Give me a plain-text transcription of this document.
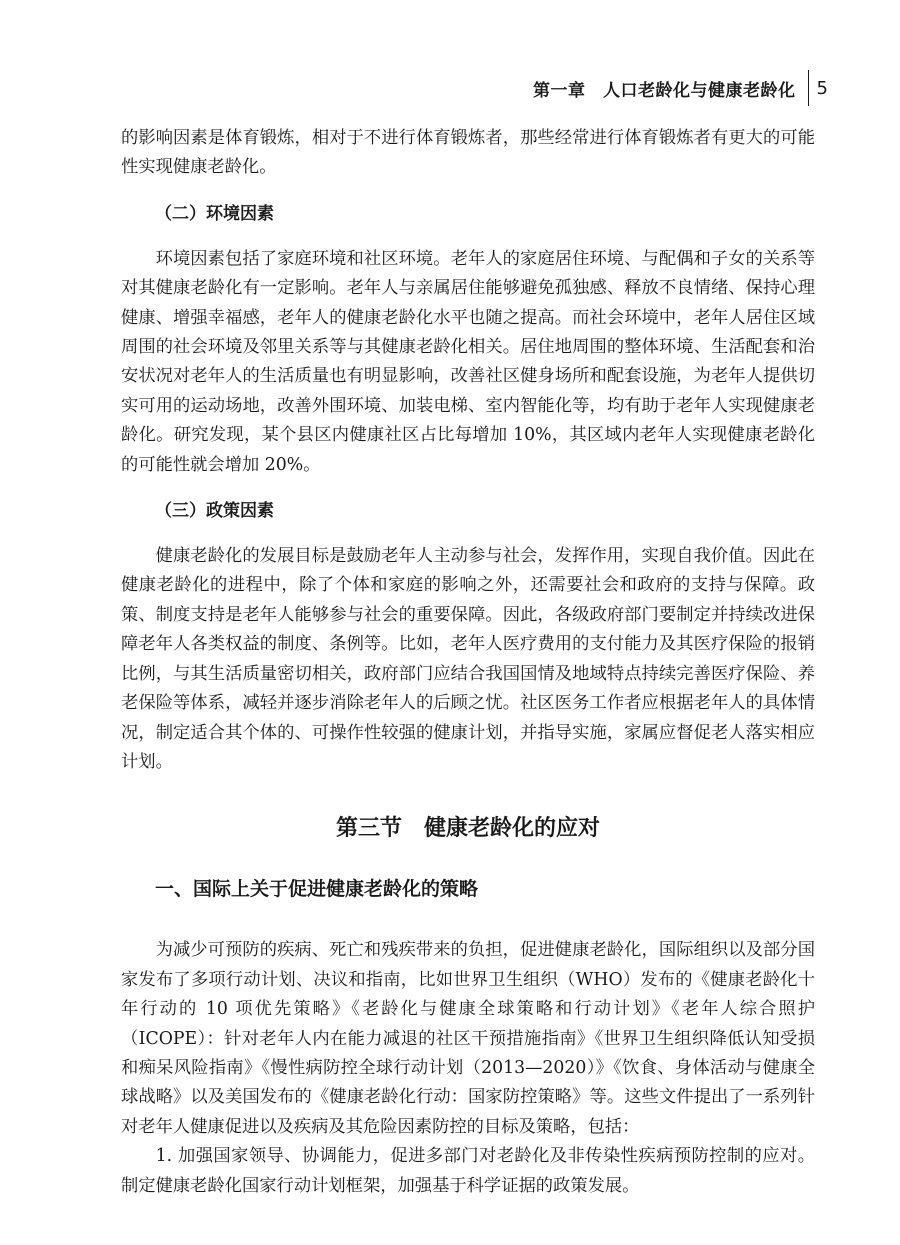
第一章　人口老龄化与健康老龄化 5

的影响因素是体育锻炼，相对于不进行体育锻炼者，那些经常进行体育锻炼者有更大的可能性实现健康老龄化。

（二）环境因素

环境因素包括了家庭环境和社区环境。老年人的家庭居住环境、与配偶和子女的关系等对其健康老龄化有一定影响。老年人与亲属居住能够避免孤独感、释放不良情绪、保持心理健康、增强幸福感，老年人的健康老龄化水平也随之提高。而社会环境中，老年人居住区域周围的社会环境及邻里关系等与其健康老龄化相关。居住地周围的整体环境、生活配套和治安状况对老年人的生活质量也有明显影响，改善社区健身场所和配套设施，为老年人提供切实可用的运动场地，改善外围环境、加装电梯、室内智能化等，均有助于老年人实现健康老龄化。研究发现，某个县区内健康社区占比每增加 10%，其区域内老年人实现健康老龄化的可能性就会增加 20%。

（三）政策因素

健康老龄化的发展目标是鼓励老年人主动参与社会，发挥作用，实现自我价值。因此在健康老龄化的进程中，除了个体和家庭的影响之外，还需要社会和政府的支持与保障。政策、制度支持是老年人能够参与社会的重要保障。因此，各级政府部门要制定并持续改进保障老年人各类权益的制度、条例等。比如，老年人医疗费用的支付能力及其医疗保险的报销比例，与其生活质量密切相关，政府部门应结合我国国情及地域特点持续完善医疗保险、养老保险等体系，减轻并逐步消除老年人的后顾之忧。社区医务工作者应根据老年人的具体情况，制定适合其个体的、可操作性较强的健康计划，并指导实施，家属应督促老人落实相应计划。

第三节　健康老龄化的应对
一、国际上关于促进健康老龄化的策略

为减少可预防的疾病、死亡和残疾带来的负担，促进健康老龄化，国际组织以及部分国家发布了多项行动计划、决议和指南，比如世界卫生组织（WHO）发布的《健康老龄化十年行动的 10 项优先策略》《老龄化与健康全球策略和行动计划》《老年人综合照护（ICOPE）：针对老年人内在能力减退的社区干预措施指南》《世界卫生组织降低认知受损和痴呆风险指南》《慢性病防控全球行动计划（2013—2020）》《饮食、身体活动与健康全球战略》以及美国发布的《健康老龄化行动：国家防控策略》等。这些文件提出了一系列针对老年人健康促进以及疾病及其危险因素防控的目标及策略，包括：

1. 加强国家领导、协调能力，促进多部门对老龄化及非传染性疾病预防控制的应对。制定健康老龄化国家行动计划框架，加强基于科学证据的政策发展。
